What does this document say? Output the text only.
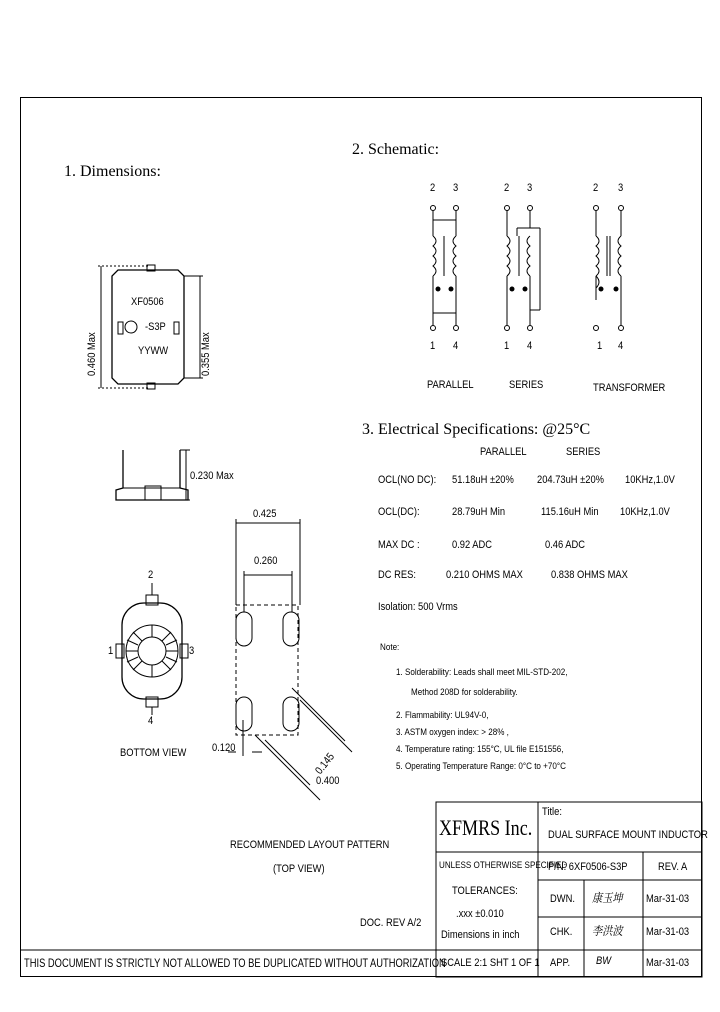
1. Dimensions:
2. Schematic:
3. Electrical Specifications: @25°C
XF0506
-S3P
YYWW
0.460 Max	0.355 Max
0.230 Max
2
1	3
4
BOTTOM VIEW
0.425
0.260
0.120
0.145
0.400
RECOMMENDED LAYOUT PATTERN
(TOP VIEW)
2 3
1 4
PARALLEL
2 3
1 4
SERIES
2 3
1 4
TRANSFORMER
PARALLEL	SERIES
OCL(NO DC): 51.18uH ±20% 204.73uH ±20% 10KHz,1.0V
OCL(DC):	28.79uH Min	115.16uH Min 10KHz,1.0V
MAX DC :	0.92 ADC	0.46 ADC
DC RES:	0.210 OHMS MAX	0.838 OHMS MAX
Isolation: 500 Vrms
Note:
1. Solderability: Leads shall meet MIL-STD-202,
Method 208D for solderability.
2. Flammability: UL94V-0,
3. ASTM oxygen index: > 28% ,
4. Temperature rating: 155°C, UL file E151556,
5. Operating Temperature Range: 0°C to +70°C
XFMRS Inc.
Title:
DUAL SURFACE MOUNT INDUCTOR
UNLESS OTHERWISE SPECIFIED
TOLERANCES:
.xxx ±0.010
Dimensions in inch
P/N: 6XF0506-S3P	REV. A
DWN. 康玉坤 Mar-31-03
CHK. 李洪波 Mar-31-03
APP. BW	Mar-31-03
SCALE 2:1 SHT 1 OF 1
DOC. REV A/2
THIS DOCUMENT IS STRICTLY NOT ALLOWED TO BE DUPLICATED WITHOUT AUTHORIZATION
